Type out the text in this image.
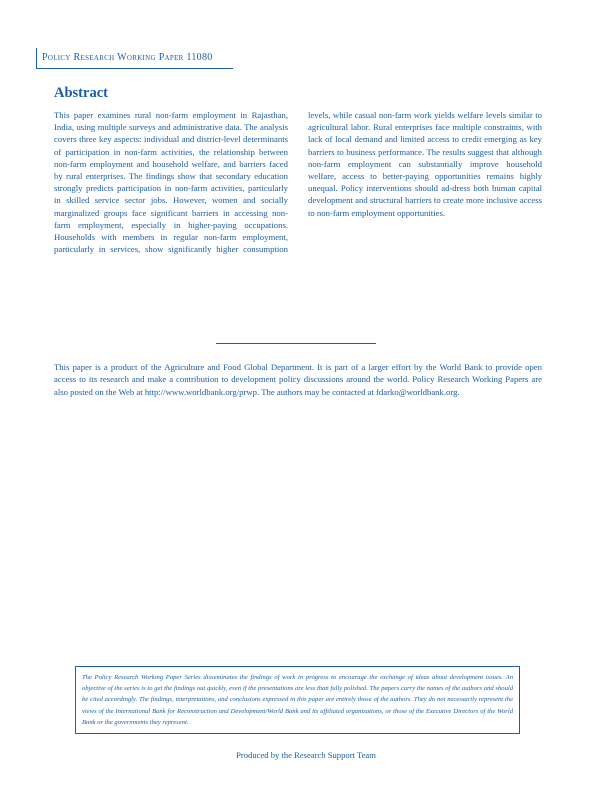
Policy Research Working Paper 11080
Abstract
This paper examines rural non-farm employment in Rajasthan, India, using multiple surveys and administrative data. The analysis covers three key aspects: individual and district-level determinants of participation in non-farm activities, the relationship between non-farm employment and household welfare, and barriers faced by rural enterprises. The findings show that secondary education strongly predicts participation in non-farm activities, particularly in skilled service sector jobs. However, women and socially marginalized groups face significant barriers in accessing non-farm employment, especially in higher-paying occupations. Households with members in regular non-farm employment, particularly in services, show significantly higher consumption levels, while casual non-farm work yields welfare levels similar to agricultural labor. Rural enterprises face multiple constraints, with lack of local demand and limited access to credit emerging as key barriers to business performance. The results suggest that although non-farm employment can substantially improve household welfare, access to better-paying opportunities remains highly unequal. Policy interventions should ad-dress both human capital development and structural barriers to create more inclusive access to non-farm employment opportunities.

This paper is a product of the Agriculture and Food Global Department. It is part of a larger effort by the World Bank to provide open access to its research and make a contribution to development policy discussions around the world. Policy Research Working Papers are also posted on the Web at http://www.worldbank.org/prwp. The authors may be contacted at fdarko@worldbank.org.

The Policy Research Working Paper Series disseminates the findings of work in progress to encourage the exchange of ideas about development issues. An objective of the series is to get the findings out quickly, even if the presentations are less than fully polished. The papers carry the names of the authors and should be cited accordingly. The findings, interpretations, and conclusions expressed in this paper are entirely those of the authors. They do not necessarily represent the views of the International Bank for Reconstruction and Development/World Bank and its affiliated organizations, or those of the Executive Directors of the World Bank or the governments they represent.

Produced by the Research Support Team
